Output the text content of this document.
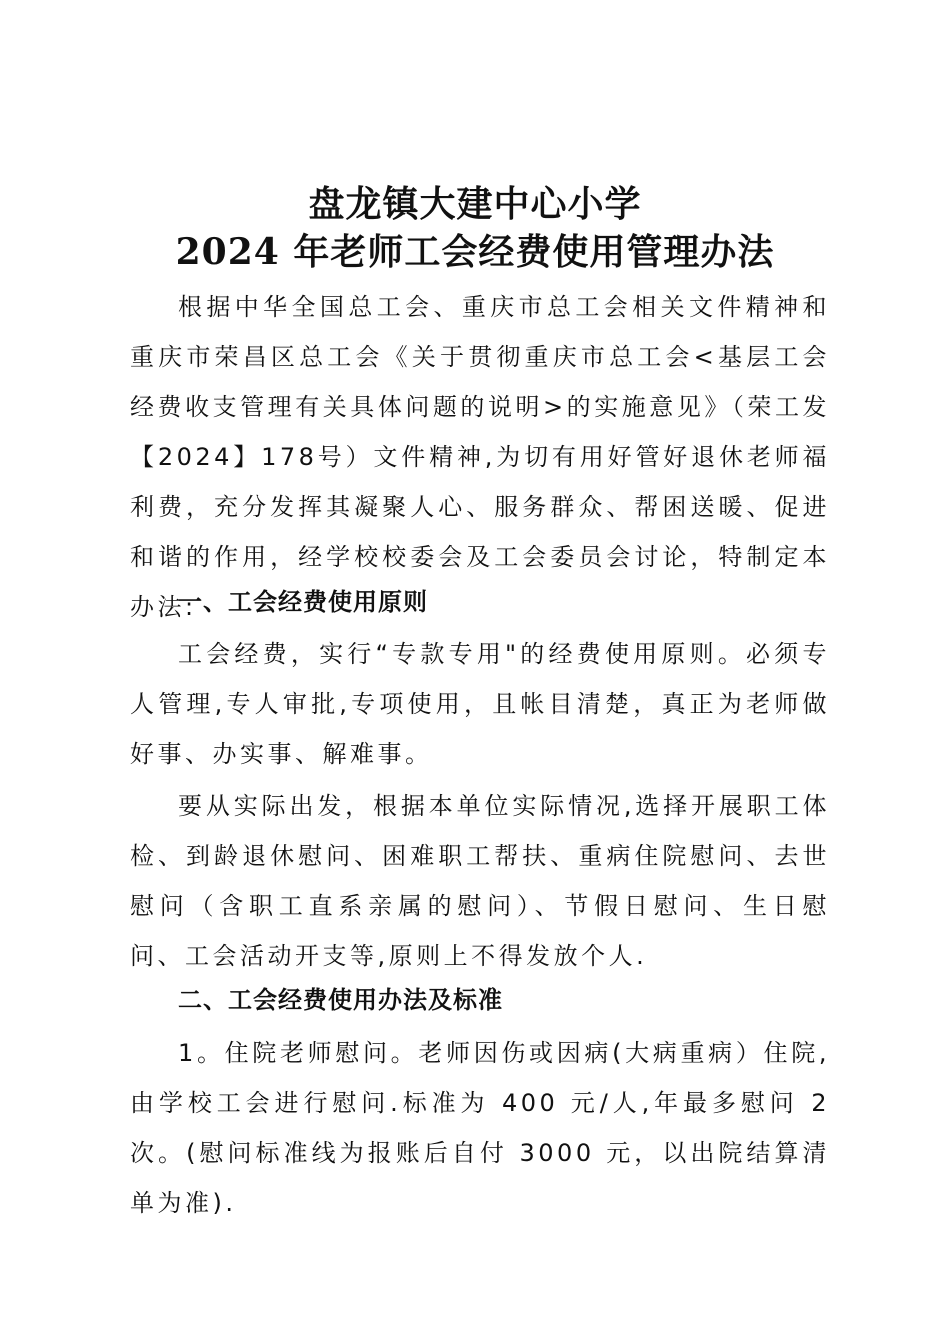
盘龙镇大建中心小学
2024 年老师工会经费使用管理办法

根据中华全国总工会、重庆市总工会相关文件精神和重庆市荣昌区总工会《关于贯彻重庆市总工会<基层工会经费收支管理有关具体问题的说明>的实施意见》（荣工发【2024】178号）文件精神,为切有用好管好退休老师福利费，充分发挥其凝聚人心、服务群众、帮困送暖、促进和谐的作用，经学校校委会及工会委员会讨论，特制定本办法:

一、工会经费使用原则

工会经费，实行“专款专用"的经费使用原则。必须专人管理,专人审批,专项使用，且帐目清楚，真正为老师做好事、办实事、解难事。

要从实际出发，根据本单位实际情况,选择开展职工体检、到龄退休慰问、困难职工帮扶、重病住院慰问、去世慰问（含职工直系亲属的慰问）、节假日慰问、生日慰问、工会活动开支等,原则上不得发放个人.

二、工会经费使用办法及标准

1。住院老师慰问。老师因伤或因病(大病重病）住院,由学校工会进行慰问.标准为 400 元/人,年最多慰问 2 次。(慰问标准线为报账后自付 3000 元，以出院结算清单为准).
